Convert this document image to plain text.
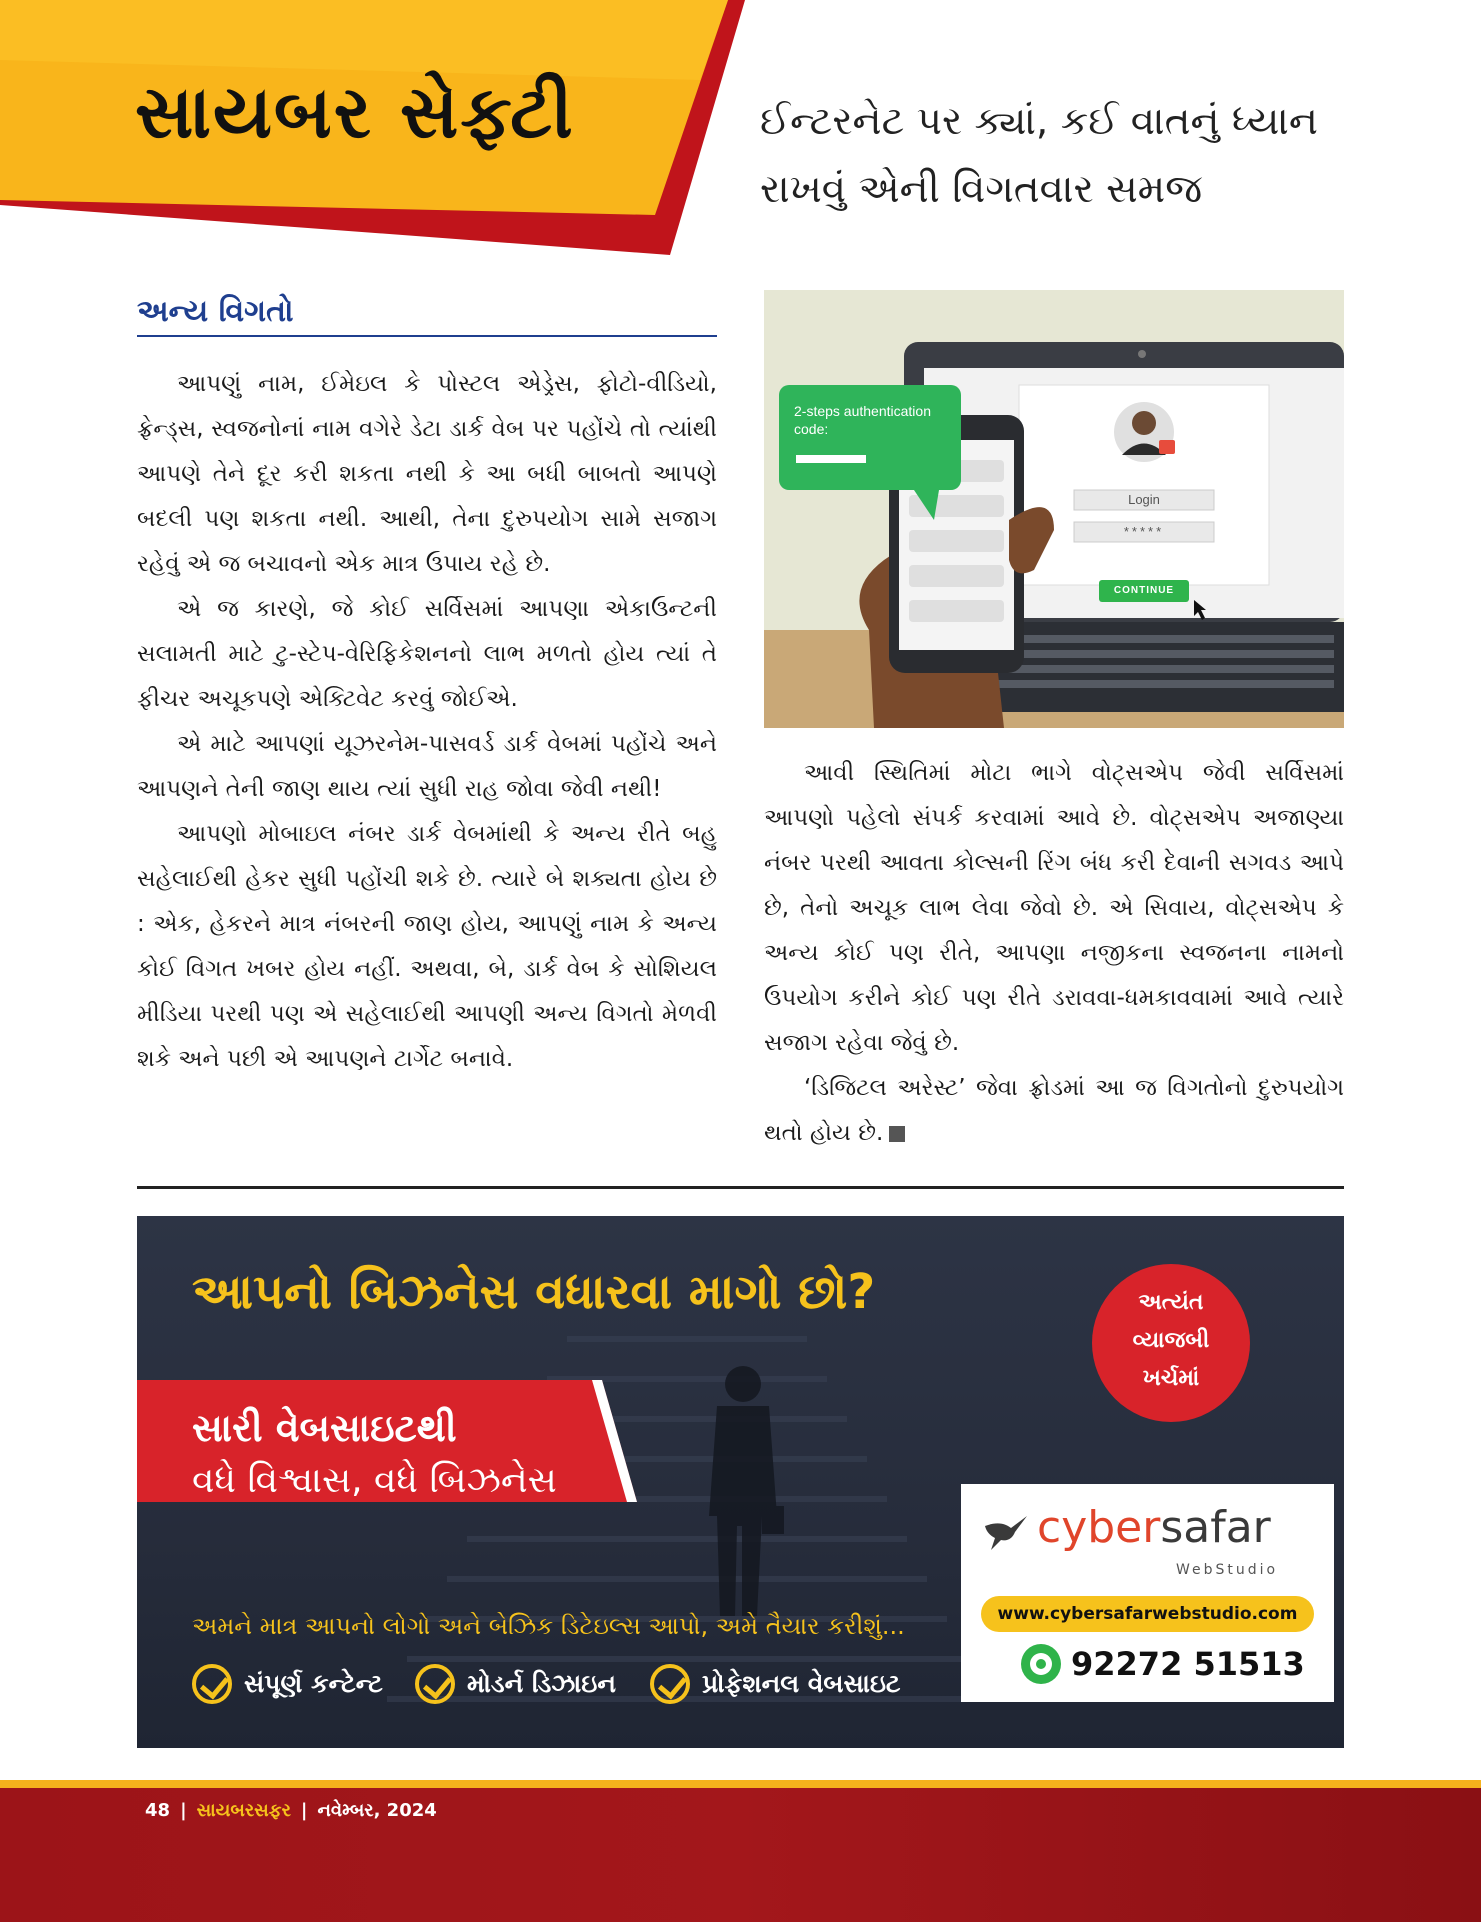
સાયબર સેફ્ટી	ઈન્ટરનેટ પર ક્યાં, કઈ વાતનું ધ્યાન
રાખવું એની વિગતવાર સમજ
અન્ય વિગતો

આપણું નામ, ઈમેઇલ કે પોસ્ટલ એડ્રેસ, ફોટો-વીડિયો, ફ્રેન્ડ્સ, સ્વજનોનાં નામ વગેરે ડેટા ડાર્ક વેબ પર પહોંચે તો ત્યાંથી આપણે તેને દૂર કરી શકતા નથી કે આ બધી બાબતો આપણે બદલી પણ શકતા નથી. આથી, તેના દુરુપયોગ સામે સજાગ રહેવું એ જ બચાવનો એક માત્ર ઉપાય રહે છે.

એ જ કારણે, જે કોઈ સર્વિસમાં આપણા એકાઉન્ટની સલામતી માટે ટુ-સ્ટેપ-વેરિફિકેશનનો લાભ મળતો હોય ત્યાં તે ફીચર અચૂકપણે એક્ટિવેટ કરવું જોઈએ.

એ માટે આપણાં યૂઝરનેમ-પાસવર્ડ ડાર્ક વેબમાં પહોંચે અને આપણને તેની જાણ થાય ત્યાં સુધી રાહ જોવા જેવી નથી!

આપણો મોબાઇલ નંબર ડાર્ક વેબમાંથી કે અન્ય રીતે બહુ સહેલાઈથી હેકર સુધી પહોંચી શકે છે. ત્યારે બે શક્યતા હોય છે : એક, હેકરને માત્ર નંબરની જાણ હોય, આપણું નામ કે અન્ય કોઈ વિગત ખબર હોય નહીં. અથવા, બે, ડાર્ક વેબ કે સોશિયલ મીડિયા પરથી પણ એ સહેલાઈથી આપણી અન્ય વિગતો મેળવી શકે અને પછી એ આપણને ટાર્ગેટ બનાવે.

2-steps authentication code:
Login
*****
CONTINUE

આવી સ્થિતિમાં મોટા ભાગે વોટ્સએપ જેવી સર્વિસમાં આપણો પહેલો સંપર્ક કરવામાં આવે છે. વોટ્સએપ અજાણ્યા નંબર પરથી આવતા કોલ્સની રિંગ બંધ કરી દેવાની સગવડ આપે છે, તેનો અચૂક લાભ લેવા જેવો છે. એ સિવાય, વોટ્સએપ કે અન્ય કોઈ પણ રીતે, આપણા નજીકના સ્વજનના નામનો ઉપયોગ કરીને કોઈ પણ રીતે ડરાવવા-ધમકાવવામાં આવે ત્યારે સજાગ રહેવા જેવું છે.

‘ડિજિટલ અરેસ્ટ’ જેવા ફ્રોડમાં આ જ વિગતોનો દુરુપયોગ થતો હોય છે.

આપનો બિઝનેસ વધારવા માગો છો?
સારી વેબસાઇટથી
વધે વિશ્વાસ, વધે બિઝનેસ
અમને માત્ર આપનો લોગો અને બેઝિક ડિટેઇલ્સ આપો, અમે તૈયાર કરીશું...
સંપૂર્ણ કન્ટેન્ટ	મોડર્ન ડિઝાઇન	પ્રોફેશનલ વેબસાઇટ
અત્યંત
વ્યાજબી
ખર્ચમાં
cyber safar
WebStudio
www.cybersafarwebstudio.com
92272 51513
48 | સાયબરસફર | નવેમ્બર, 2024
